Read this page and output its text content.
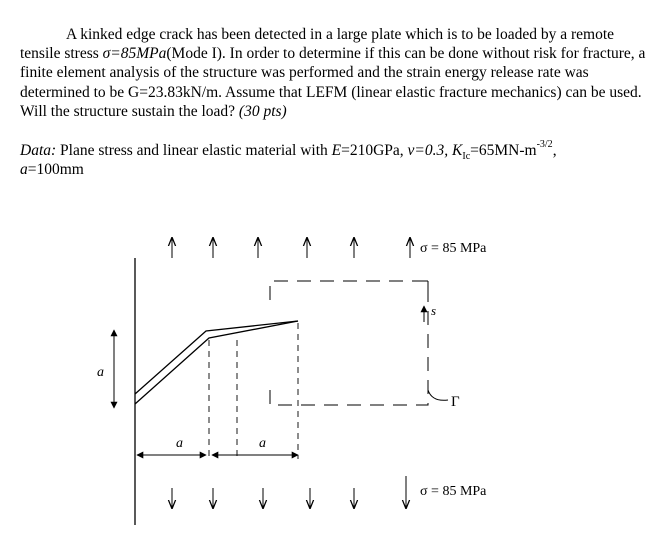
A kinked edge crack has been detected in a large plate which is to be loaded by a remote tensile stress σ=85MPa(Mode I). In order to determine if this can be done without risk for fracture, a finite element analysis of the structure was performed and the strain energy release rate was determined to be G=23.83kN/m. Assume that LEFM (linear elastic fracture mechanics) can be used. Will the structure sustain the load? (30 pts)

Data: Plane stress and linear elastic material with E=210GPa, ν=0.3, $K_{Ic}=65MN-m^{-3/2}$,
a=100mm

σ = 85 MPa
σ = 85 MPa
a
a	a
s
Γ
